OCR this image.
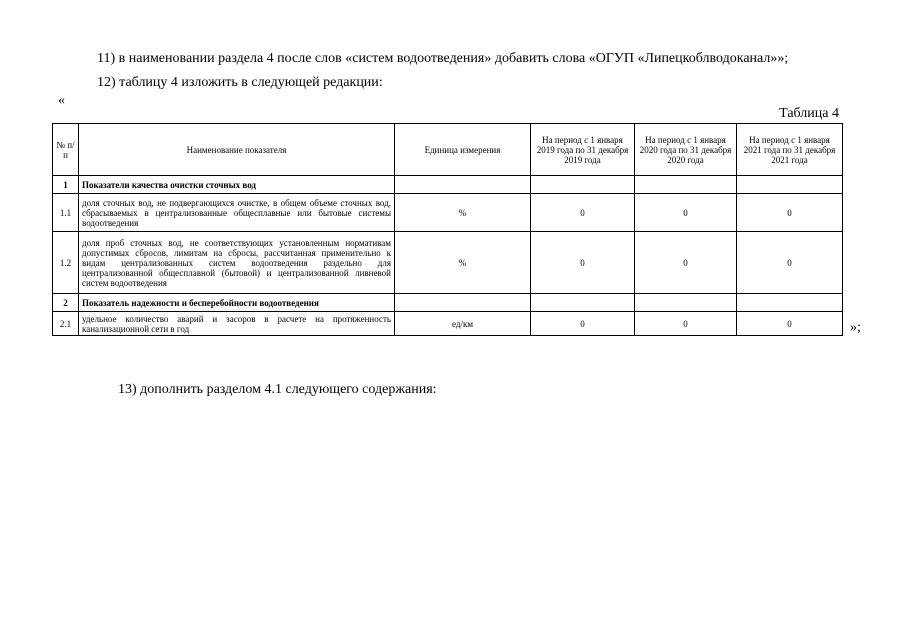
11) в наименовании раздела 4 после слов «систем водоотведения» добавить слова «ОГУП «Липецкоблводоканал»»;
12) таблицу 4 изложить в следующей редакции:
«
Таблица 4
№ п/п	Наименование показателя	Единица измерения	На период с 1 января 2019 года по 31 декабря 2019 года	На период с 1 января 2020 года по 31 декабря 2020 года	На период с 1 января 2021 года по 31 декабря 2021 года
1	Показатели качества очистки сточных вод				
1.1	доля сточных вод, не подвергающихся очистке, в общем объеме сточных вод, сбрасываемых в централизованные общесплавные или бытовые системы водоотведения	%	0	0	0
1.2	доля проб сточных вод, не соответствующих установленным нормативам допустимых сбросов, лимитам на сбросы, рассчитанная применительно к видам централизованных систем водоотведения раздельно для централизованной общесплавной (бытовой) и централизованной ливневой систем водоотведения	%	0	0	0
2	Показатель надежности и бесперебойности водоотведения				
2.1	удельное количество аварий и засоров в расчете на протяженность канализационной сети в год	ед/км	0	0	0	»;
13) дополнить разделом 4.1 следующего содержания:
